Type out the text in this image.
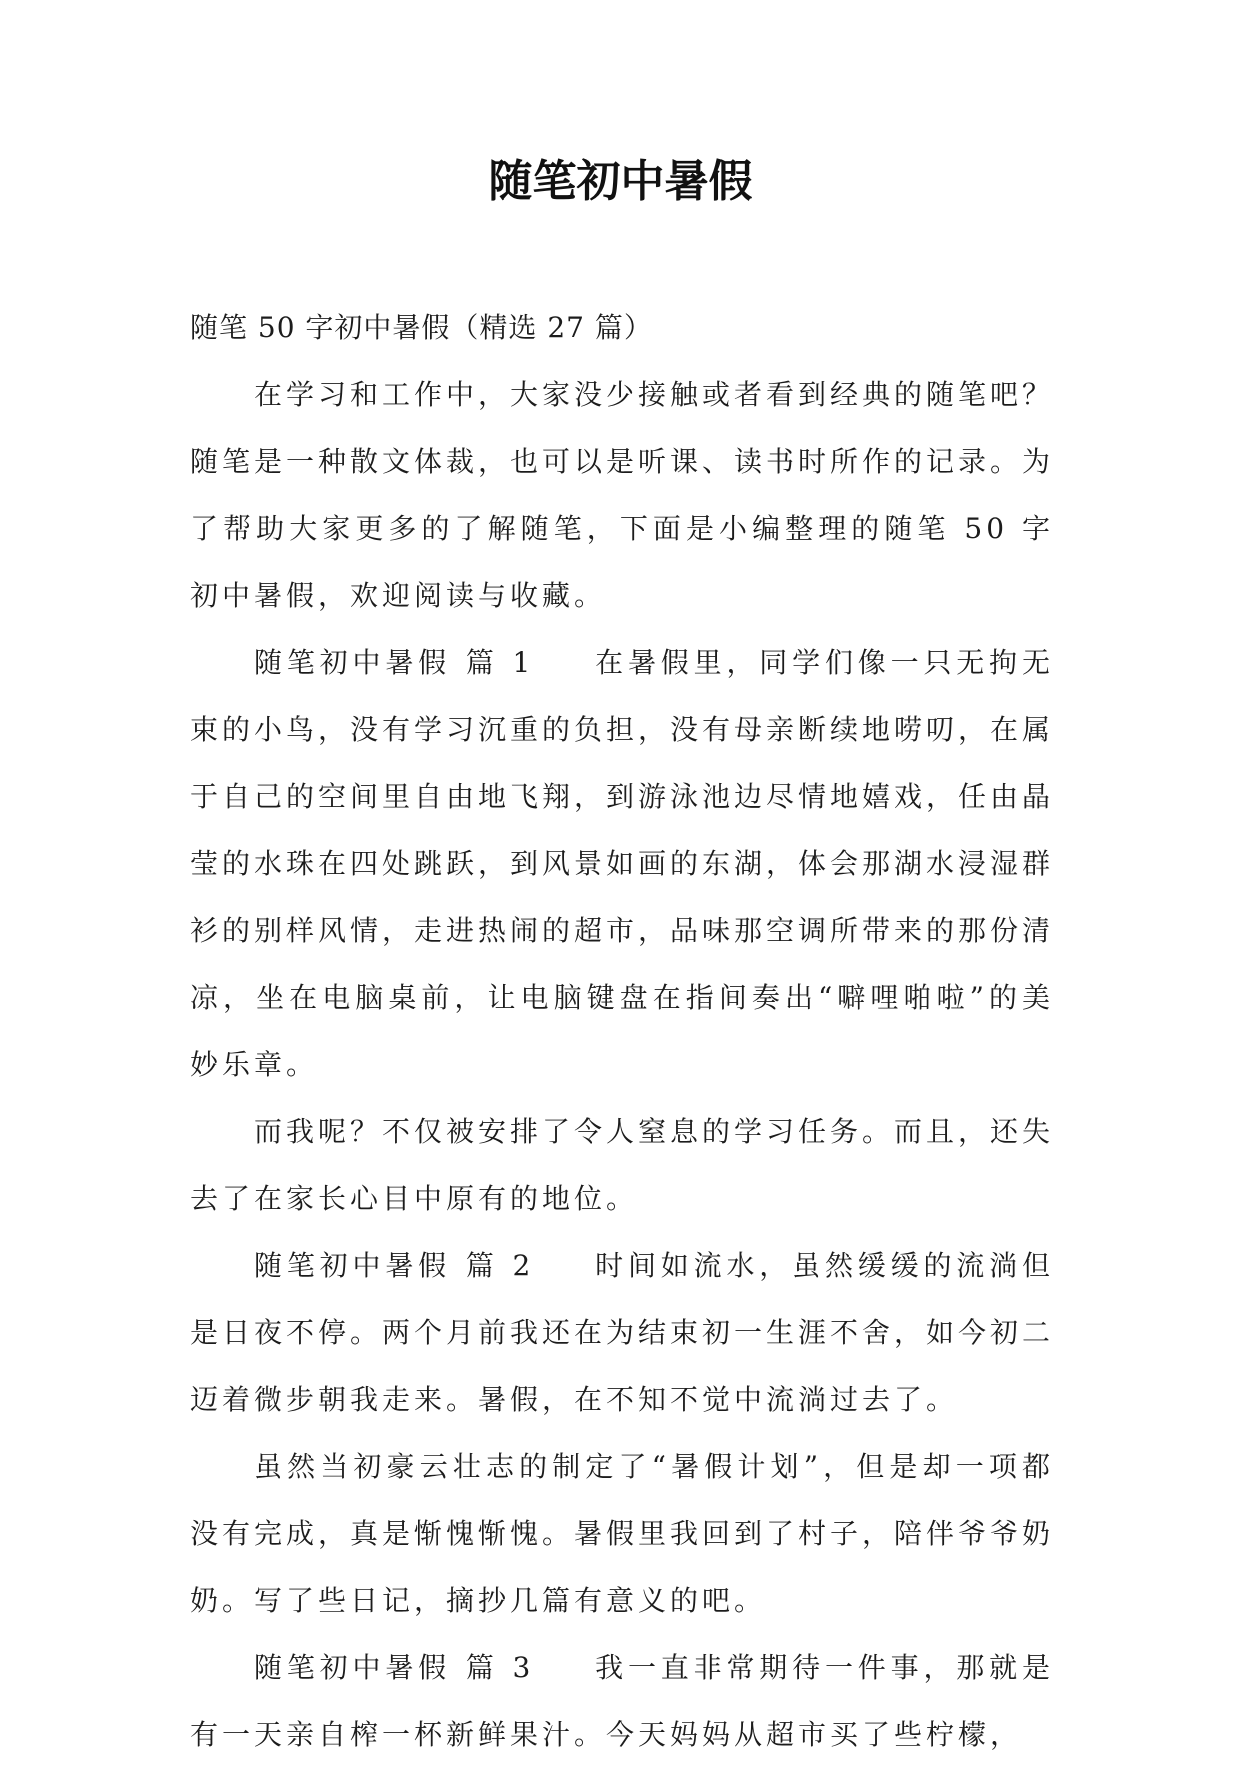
随笔初中暑假

随笔 50 字初中暑假（精选 27 篇）

在学习和工作中，大家没少接触或者看到经典的随笔吧？随笔是一种散文体裁，也可以是听课、读书时所作的记录。为了帮助大家更多的了解随笔，下面是小编整理的随笔 50 字初中暑假，欢迎阅读与收藏。

随笔初中暑假 篇 1 在暑假里，同学们像一只无拘无束的小鸟，没有学习沉重的负担，没有母亲断续地唠叨，在属于自己的空间里自由地飞翔，到游泳池边尽情地嬉戏，任由晶莹的水珠在四处跳跃，到风景如画的东湖，体会那湖水浸湿群衫的别样风情，走进热闹的超市，品味那空调所带来的那份清凉，坐在电脑桌前，让电脑键盘在指间奏出“噼哩啪啦”的美妙乐章。

而我呢？不仅被安排了令人窒息的学习任务。而且，还失去了在家长心目中原有的地位。

随笔初中暑假 篇 2 时间如流水，虽然缓缓的流淌但是日夜不停。两个月前我还在为结束初一生涯不舍，如今初二迈着微步朝我走来。暑假，在不知不觉中流淌过去了。

虽然当初豪云壮志的制定了“暑假计划”，但是却一项都没有完成，真是惭愧惭愧。暑假里我回到了村子，陪伴爷爷奶奶。写了些日记，摘抄几篇有意义的吧。

随笔初中暑假 篇 3 我一直非常期待一件事，那就是有一天亲自榨一杯新鲜果汁。今天妈妈从超市买了些柠檬，
